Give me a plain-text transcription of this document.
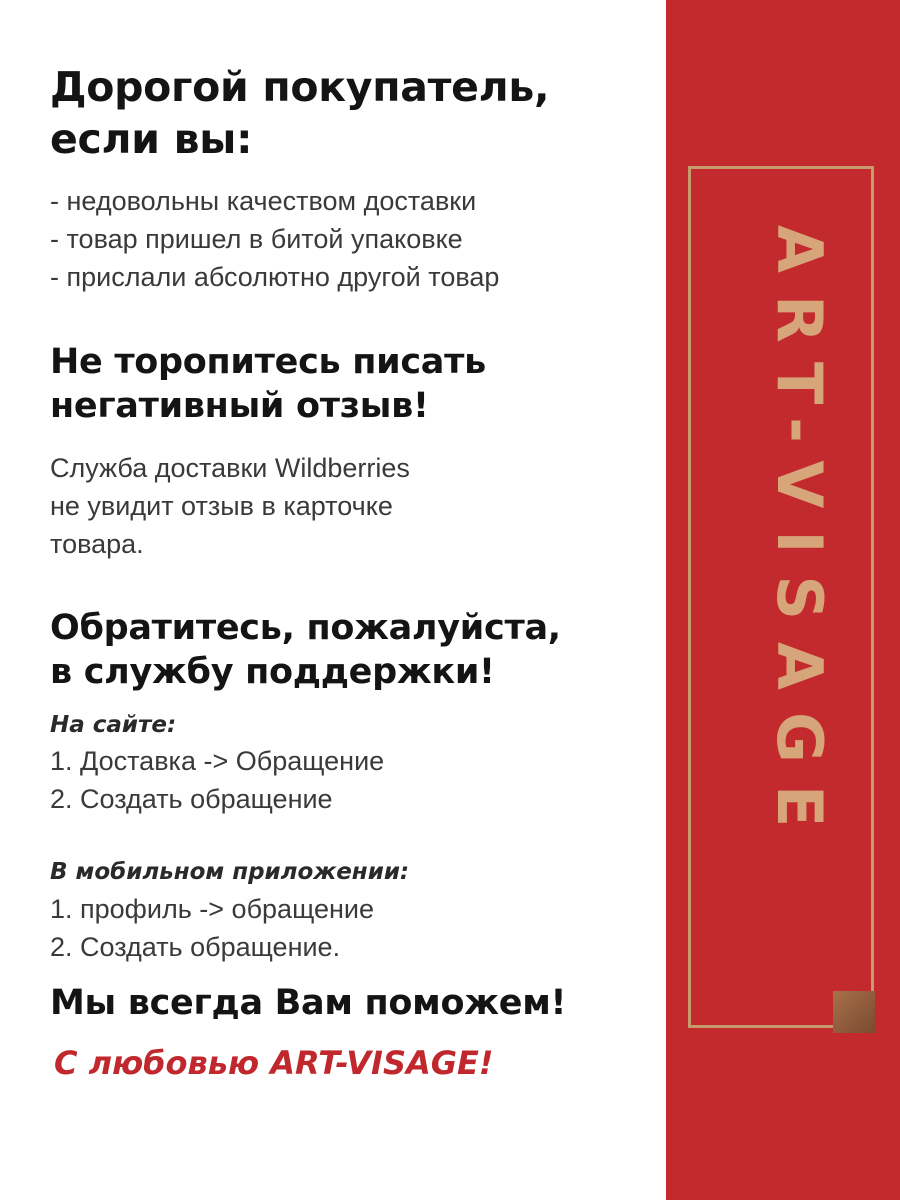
Дорогой покупатель,
если вы:

- недовольны качеством доставки

- товар пришел в битой упаковке

- прислали абсолютно другой товар

Не торопитесь писать
негативный отзыв!

Служба доставки Wildberries

не увидит отзыв в карточке

товара.

Обратитесь, пожалуйста,
в службу поддержки!

На сайте:

1. Доставка -> Обращение

2. Создать обращение

В мобильном приложении:

1. профиль -> обращение

2. Создать обращение.

Мы всегда Вам поможем!

С любовью ART-VISAGE!

ART-VISAGE
